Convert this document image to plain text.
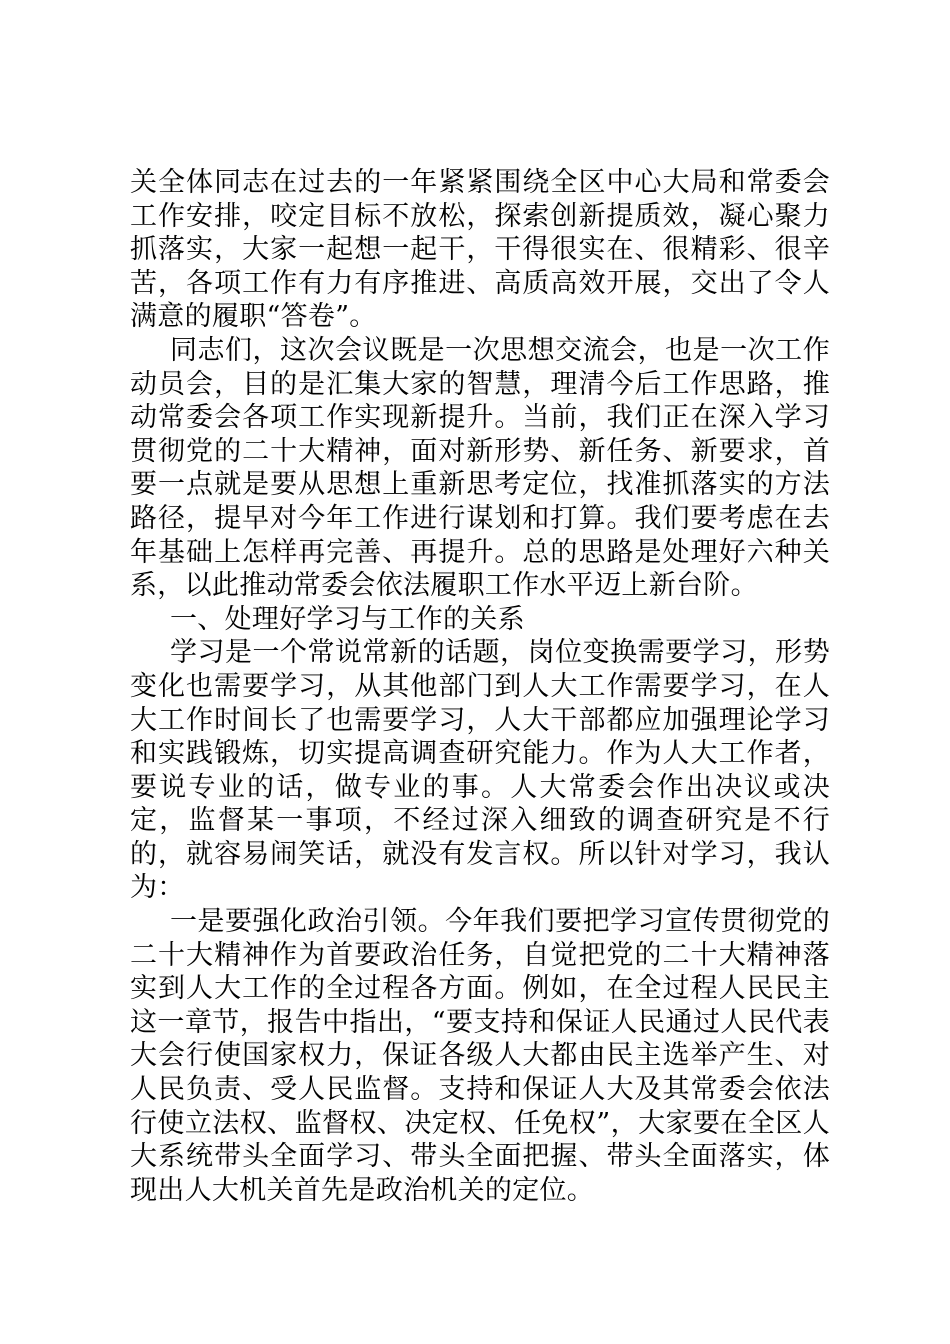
关全体同志在过去的一年紧紧围绕全区中心大局和常委会工作安排，咬定目标不放松，探索创新提质效，凝心聚力抓落实，大家一起想一起干，干得很实在、很精彩、很辛苦，各项工作有力有序推进、高质高效开展，交出了令人满意的履职“答卷”。

同志们，这次会议既是一次思想交流会，也是一次工作动员会，目的是汇集大家的智慧，理清今后工作思路，推动常委会各项工作实现新提升。当前，我们正在深入学习贯彻党的二十大精神，面对新形势、新任务、新要求，首要一点就是要从思想上重新思考定位，找准抓落实的方法路径，提早对今年工作进行谋划和打算。我们要考虑在去年基础上怎样再完善、再提升。总的思路是处理好六种关系，以此推动常委会依法履职工作水平迈上新台阶。

一、处理好学习与工作的关系

学习是一个常说常新的话题，岗位变换需要学习，形势变化也需要学习，从其他部门到人大工作需要学习，在人大工作时间长了也需要学习，人大干部都应加强理论学习和实践锻炼，切实提高调查研究能力。作为人大工作者，要说专业的话，做专业的事。人大常委会作出决议或决定，监督某一事项，不经过深入细致的调查研究是不行的，就容易闹笑话，就没有发言权。所以针对学习，我认为：

一是要强化政治引领。今年我们要把学习宣传贯彻党的二十大精神作为首要政治任务，自觉把党的二十大精神落实到人大工作的全过程各方面。例如，在全过程人民民主这一章节，报告中指出，“要支持和保证人民通过人民代表大会行使国家权力，保证各级人大都由民主选举产生、对人民负责、受人民监督。支持和保证人大及其常委会依法行使立法权、监督权、决定权、任免权”，大家要在全区人大系统带头全面学习、带头全面把握、带头全面落实，体现出人大机关首先是政治机关的定位。
